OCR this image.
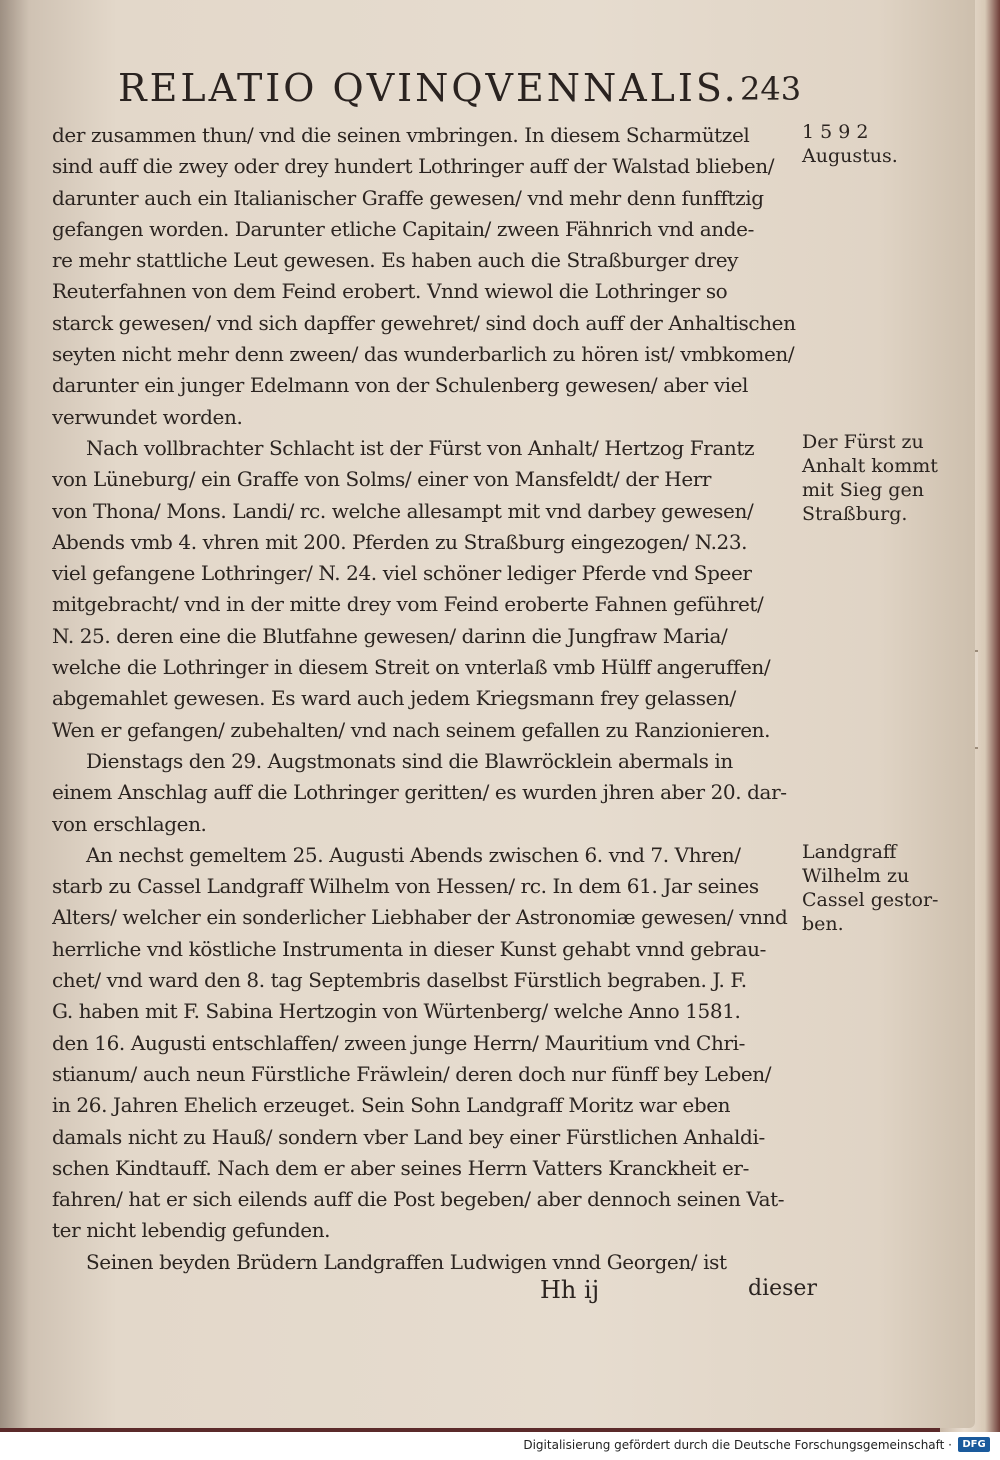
RELATIO QVINQVENNALIS. 243
der zusammen thun/ vnd die seinen vmbringen. In diesem Scharmützel
sind auff die zwey oder drey hundert Lothringer auff der Walstad blieben/
darunter auch ein Italianischer Graffe gewesen/ vnd mehr denn funfftzig
gefangen worden. Darunter etliche Capitain/ zween Fähnrich vnd ande-
re mehr stattliche Leut gewesen. Es haben auch die Straßburger drey
Reuterfahnen von dem Feind erobert. Vnnd wiewol die Lothringer so
starck gewesen/ vnd sich dapffer gewehret/ sind doch auff der Anhaltischen
seyten nicht mehr denn zween/ das wunderbarlich zu hören ist/ vmbkomen/
darunter ein junger Edelmann von der Schulenberg gewesen/ aber viel
verwundet worden.
Nach vollbrachter Schlacht ist der Fürst von Anhalt/ Hertzog Frantz
von Lüneburg/ ein Graffe von Solms/ einer von Mansfeldt/ der Herr
von Thona/ Mons. Landi/ rc. welche allesampt mit vnd darbey gewesen/
Abends vmb 4. vhren mit 200. Pferden zu Straßburg eingezogen/ N.23.
viel gefangene Lothringer/ N. 24. viel schöner lediger Pferde vnd Speer
mitgebracht/ vnd in der mitte drey vom Feind eroberte Fahnen geführet/
N. 25. deren eine die Blutfahne gewesen/ darinn die Jungfraw Maria/
welche die Lothringer in diesem Streit on vnterlaß vmb Hülff angeruffen/
abgemahlet gewesen. Es ward auch jedem Kriegsmann frey gelassen/
Wen er gefangen/ zubehalten/ vnd nach seinem gefallen zu Ranzionieren.
Dienstags den 29. Augstmonats sind die Blawröcklein abermals in
einem Anschlag auff die Lothringer geritten/ es wurden jhren aber 20. dar-
von erschlagen.
An nechst gemeltem 25. Augusti Abends zwischen 6. vnd 7. Vhren/
starb zu Cassel Landgraff Wilhelm von Hessen/ rc. In dem 61. Jar seines
Alters/ welcher ein sonderlicher Liebhaber der Astronomiæ gewesen/ vnnd
herrliche vnd köstliche Instrumenta in dieser Kunst gehabt vnnd gebrau-
chet/ vnd ward den 8. tag Septembris daselbst Fürstlich begraben. J. F.
G. haben mit F. Sabina Hertzogin von Würtenberg/ welche Anno 1581.
den 16. Augusti entschlaffen/ zween junge Herrn/ Mauritium vnd Chri-
stianum/ auch neun Fürstliche Fräwlein/ deren doch nur fünff bey Leben/
in 26. Jahren Ehelich erzeuget. Sein Sohn Landgraff Moritz war eben
damals nicht zu Hauß/ sondern vber Land bey einer Fürstlichen Anhaldi-
schen Kindtauff. Nach dem er aber seines Herrn Vatters Kranckheit er-
fahren/ hat er sich eilends auff die Post begeben/ aber dennoch seinen Vat-
ter nicht lebendig gefunden.
Seinen beyden Brüdern Landgraffen Ludwigen vnnd Georgen/ ist
Hh ij	dieser
1 5 9 2
Augustus.
Der Fürst zu
Anhalt kommt
mit Sieg gen
Straßburg.
Landgraff
Wilhelm zu
Cassel gestor-
ben.
Digitalisierung gefördert durch die Deutsche Forschungsgemeinschaft ·	DFG
